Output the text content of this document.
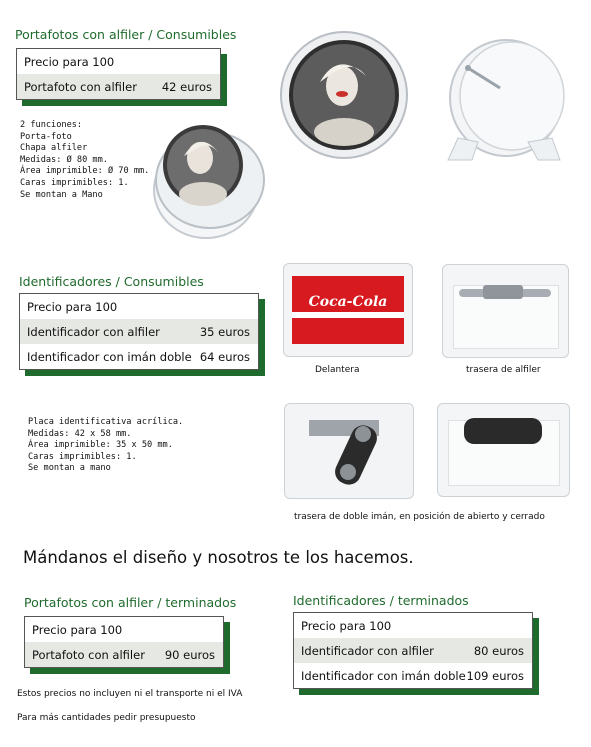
Portafotos con alfiler / Consumibles
Precio para 100
Portafoto con alfiler 42 euros
2 funciones:
Porta-foto
Chapa alfiler
Medidas: Ø 80 mm.
Área imprimible: Ø 70 mm.
Caras imprimibles: 1.
Se montan a Mano
Identificadores / Consumibles
Precio para 100
Identificador con alfiler	35 euros
Identificador con imán doble 64 euros
Coca-Cola
Delantera	trasera de alfiler
Placa identificativa acrílica.
Medidas: 42 x 58 mm.
Área imprimible: 35 x 50 mm.
Caras imprimibles: 1.
Se montan a mano
trasera de doble imán, en posición de abierto y cerrado
Mándanos el diseño y nosotros te los hacemos.
Portafotos con alfiler / terminados
Precio para 100
Portafoto con alfiler 90 euros
Identificadores / terminados
Precio para 100
Identificador con alfiler	80 euros
Identificador con imán doble 109 euros
Estos precios no incluyen ni el transporte ni el IVA
Para más cantidades pedir presupuesto
